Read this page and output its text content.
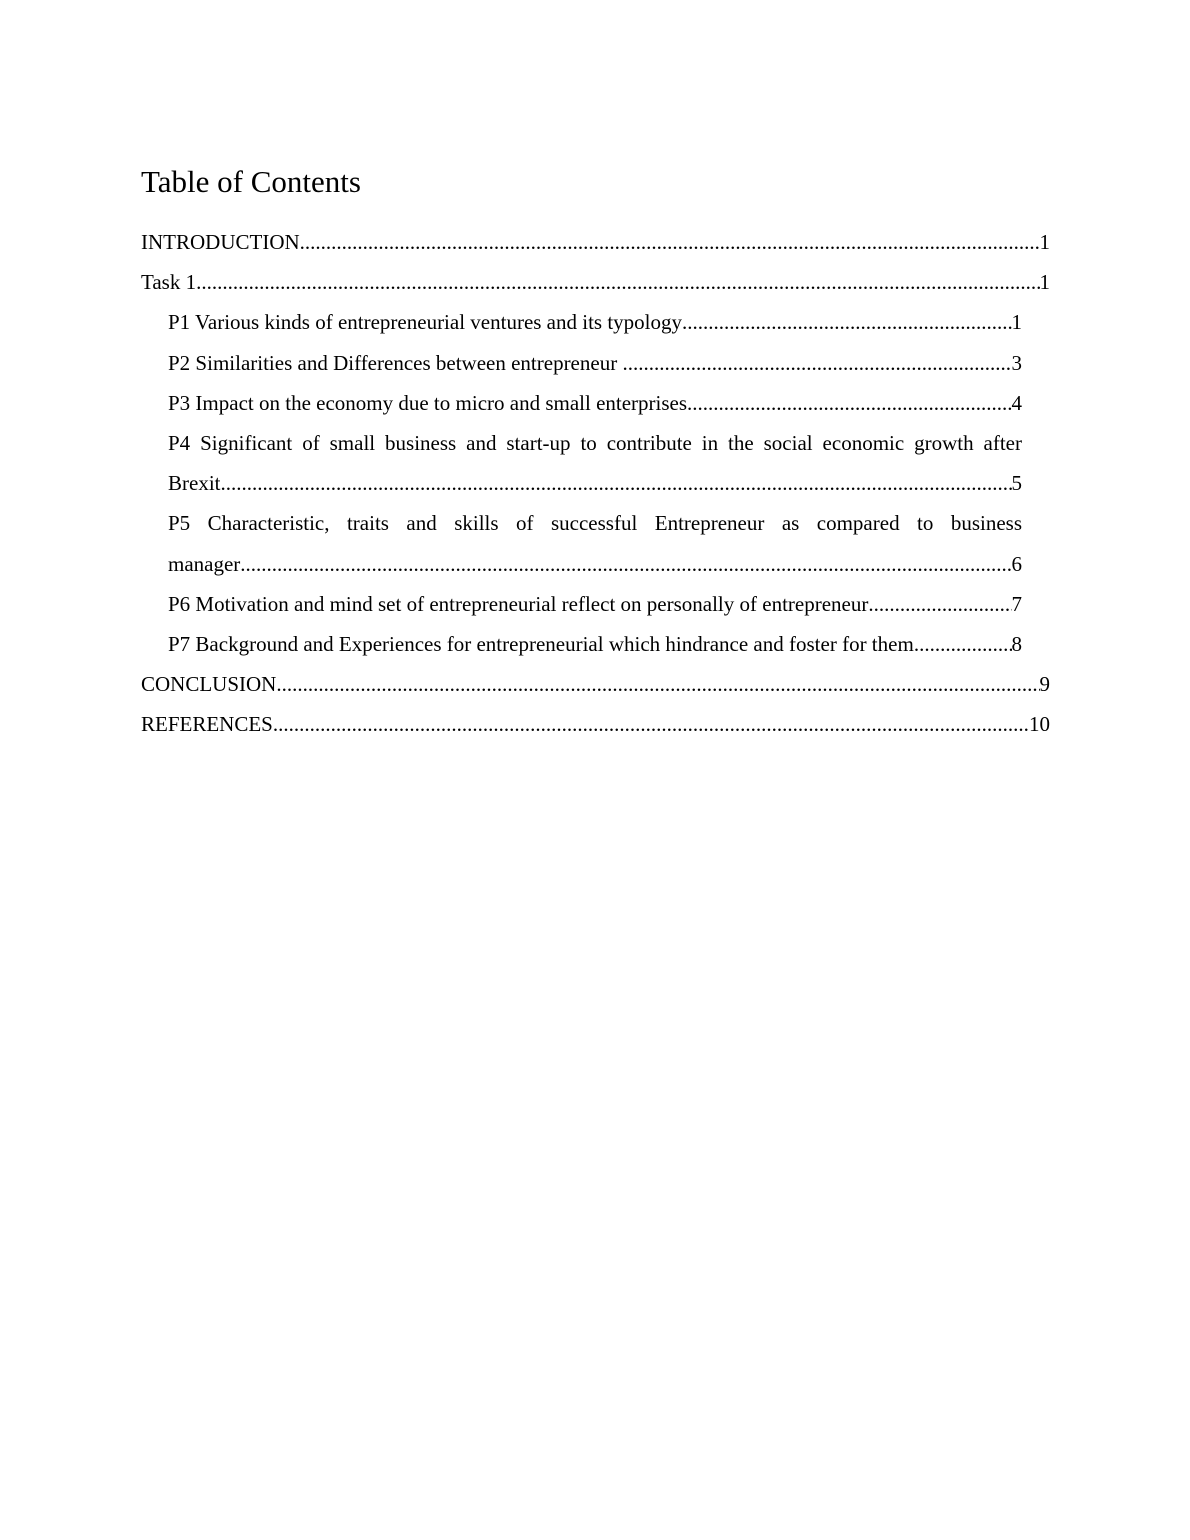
Table of Contents
INTRODUCTION .....	1
Task 1 .....	1
P1 Various kinds of entrepreneurial ventures and its typology .....	1
P2 Similarities and Differences between entrepreneur .....	3
P3 Impact on the economy due to micro and small enterprises .....	4
P4 Significant of small business and start-up to contribute in the social economic growth after
Brexit .....	5
P5 Characteristic, traits and skills of successful Entrepreneur as compared to business
manager .....	6
P6 Motivation and mind set of entrepreneurial reflect on personally of entrepreneur .....	7
P7 Background and Experiences for entrepreneurial which hindrance and foster for them .....	8
CONCLUSION .....	9
REFERENCES .....	10
